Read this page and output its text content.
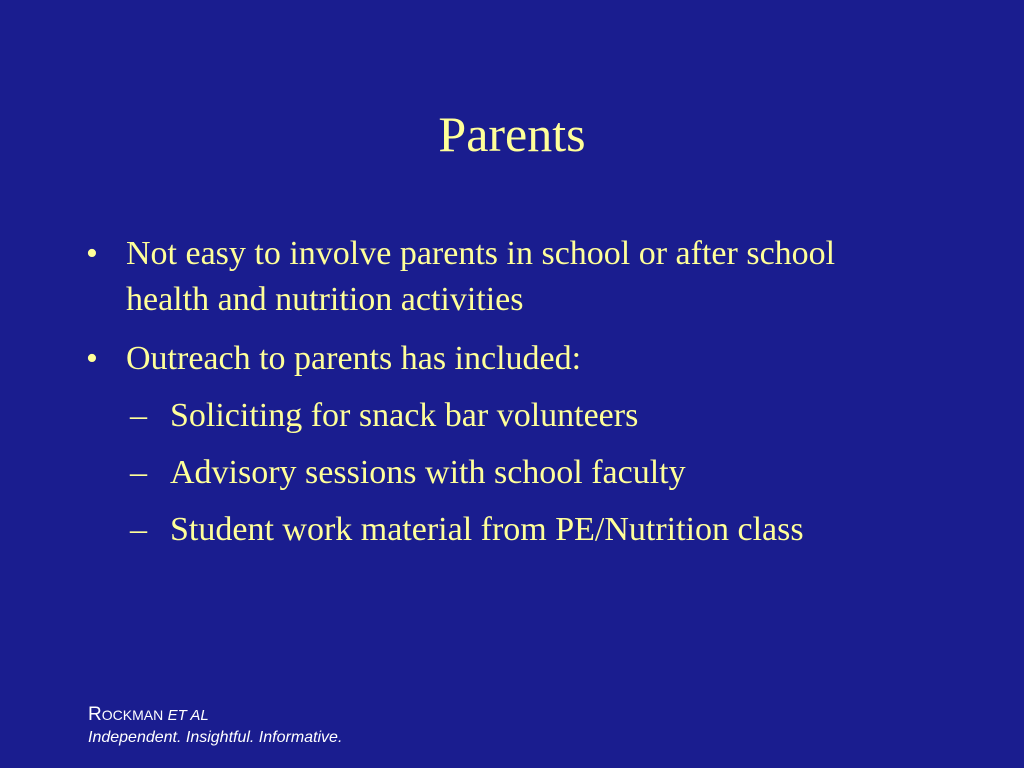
Parents
• Not easy to involve parents in school or after school health and nutrition activities
• Outreach to parents has included:
– Soliciting for snack bar volunteers
– Advisory sessions with school faculty
– Student work material from PE/Nutrition class
ROCKMAN ET AL
Independent. Insightful. Informative.
